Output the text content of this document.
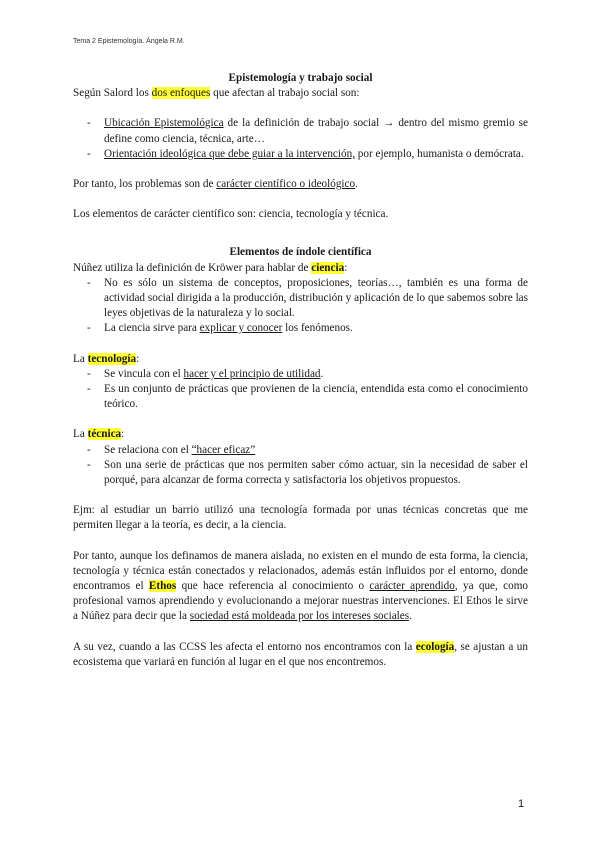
Tema 2 Epistemología. Ángela R.M.

Epistemología y trabajo social

Según Salord los dos enfoques que afectan al trabajo social son:

- Ubicación Epistemológica de la definición de trabajo social → dentro del mismo gremio se define como ciencia, técnica, arte…
- Orientación ideológica que debe guiar a la intervención, por ejemplo, humanista o demócrata.

Por tanto, los problemas son de carácter científico o ideológico.

Los elementos de carácter científico son: ciencia, tecnología y técnica.

Elementos de índole científica

Núñez utiliza la definición de Kröwer para hablar de ciencia:

- No es sólo un sistema de conceptos, proposiciones, teorías…, también es una forma de actividad social dirigida a la producción, distribución y aplicación de lo que sabemos sobre las leyes objetivas de la naturaleza y lo social.
- La ciencia sirve para explicar y conocer los fenómenos.

La tecnología:

- Se vincula con el hacer y el principio de utilidad.
- Es un conjunto de prácticas que provienen de la ciencia, entendida esta como el conocimiento teórico.

La técnica:

- Se relaciona con el “hacer eficaz”
- Son una serie de prácticas que nos permiten saber cómo actuar, sin la necesidad de saber el porqué, para alcanzar de forma correcta y satisfactoria los objetivos propuestos.

Ejm: al estudiar un barrio utilizó una tecnología formada por unas técnicas concretas que me permiten llegar a la teoría, es decir, a la ciencia.

Por tanto, aunque los definamos de manera aislada, no existen en el mundo de esta forma, la ciencia, tecnología y técnica están conectados y relacionados, además están influidos por el entorno, donde encontramos el Ethos que hace referencia al conocimiento o carácter aprendido, ya que, como profesional vamos aprendiendo y evolucionando a mejorar nuestras intervenciones. El Ethos le sirve a Núñez para decir que la sociedad está moldeada por los intereses sociales.

A su vez, cuando a las CCSS les afecta el entorno nos encontramos con la ecología, se ajustan a un ecosistema que variará en función al lugar en el que nos encontremos.

1
